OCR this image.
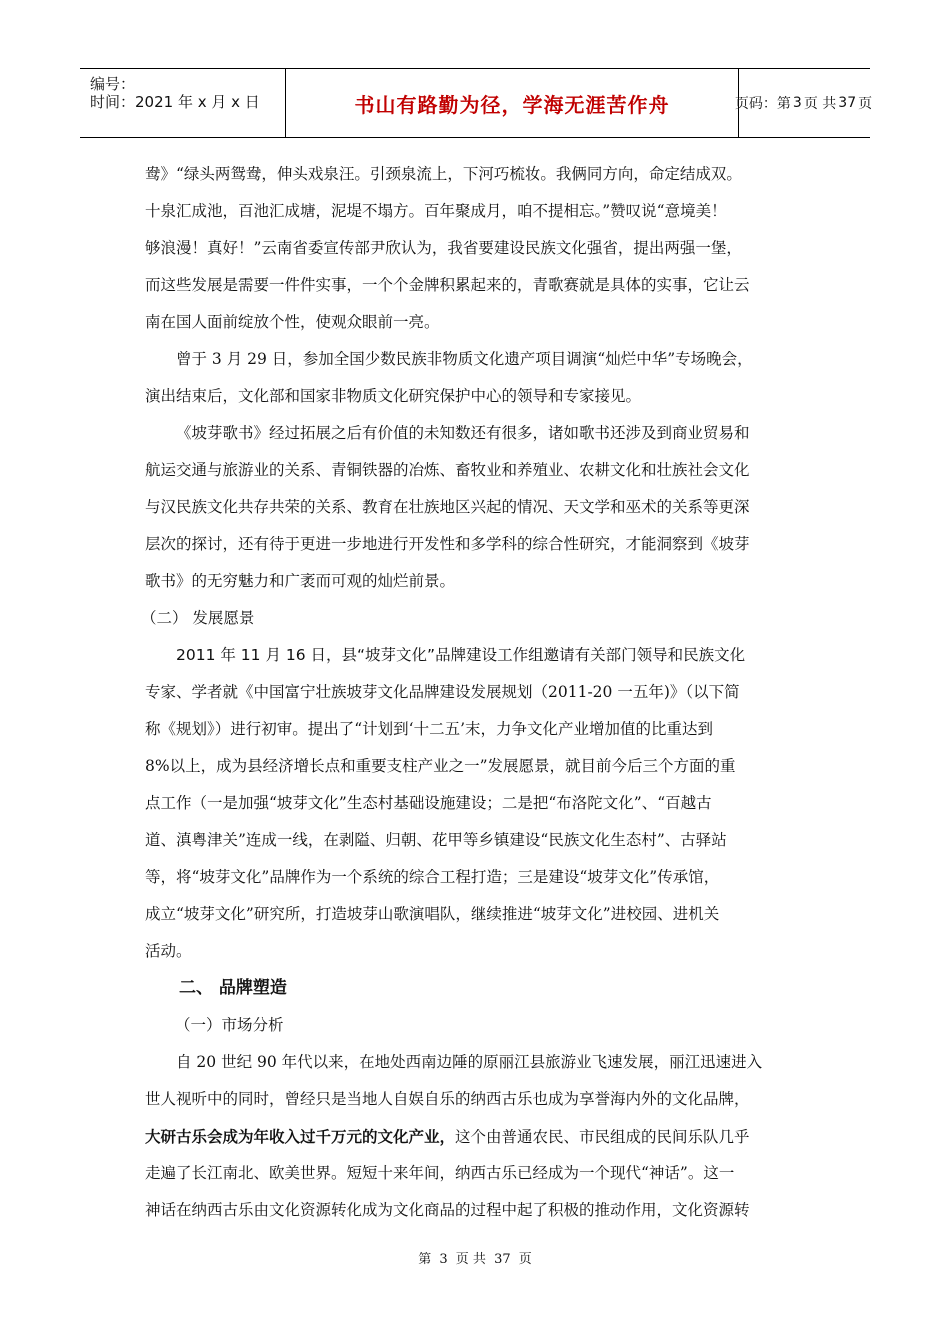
编号：
时间：2021 年 x 月 x 日	书山有路勤为径，学海无涯苦作舟	页码：第 3 页 共 37 页
鸯》“绿头两鸳鸯，伸头戏泉汪。引颈泉流上，下河巧梳妆。我俩同方向，命定结成双。
十泉汇成池，百池汇成塘，泥堤不塌方。百年聚成月，咱不提相忘。”赞叹说“意境美！
够浪漫！真好！”云南省委宣传部尹欣认为，我省要建设民族文化强省，提出两强一堡，
而这些发展是需要一件件实事，一个个金牌积累起来的，青歌赛就是具体的实事，它让云
南在国人面前绽放个性，使观众眼前一亮。
曾于 3 月 29 日，参加全国少数民族非物质文化遗产项目调演“灿烂中华”专场晚会，
演出结束后，文化部和国家非物质文化研究保护中心的领导和专家接见。
《坡芽歌书》经过拓展之后有价值的未知数还有很多，诸如歌书还涉及到商业贸易和
航运交通与旅游业的关系、青铜铁器的冶炼、畜牧业和养殖业、农耕文化和壮族社会文化
与汉民族文化共存共荣的关系、教育在壮族地区兴起的情况、天文学和巫术的关系等更深
层次的探讨，还有待于更进一步地进行开发性和多学科的综合性研究，才能洞察到《坡芽
歌书》的无穷魅力和广袤而可观的灿烂前景。
（二） 发展愿景
2011 年 11 月 16 日，县“坡芽文化”品牌建设工作组邀请有关部门领导和民族文化
专家、学者就《中国富宁壮族坡芽文化品牌建设发展规划（2011-20 一五年)》（以下简
称《规划》）进行初审。提出了“计划到‘十二五’末，力争文化产业增加值的比重达到
8%以上，成为县经济增长点和重要支柱产业之一”发展愿景，就目前今后三个方面的重
点工作（一是加强“坡芽文化”生态村基础设施建设；二是把“布洛陀文化”、“百越古
道、滇粤津关”连成一线，在剥隘、归朝、花甲等乡镇建设“民族文化生态村”、古驿站
等，将“坡芽文化”品牌作为一个系统的综合工程打造；三是建设“坡芽文化”传承馆，
成立“坡芽文化”研究所，打造坡芽山歌演唱队，继续推进“坡芽文化”进校园、进机关
活动。
二、 品牌塑造
（一）市场分析
自 20 世纪 90 年代以来，在地处西南边陲的原丽江县旅游业飞速发展，丽江迅速进入
世人视听中的同时，曾经只是当地人自娱自乐的纳西古乐也成为享誉海内外的文化品牌，
大研古乐会成为年收入过千万元的文化产业，这个由普通农民、市民组成的民间乐队几乎
走遍了长江南北、欧美世界。短短十来年间，纳西古乐已经成为一个现代“神话”。这一
神话在纳西古乐由文化资源转化成为文化商品的过程中起了积极的推动作用，文化资源转
第 3 页 共 37 页
